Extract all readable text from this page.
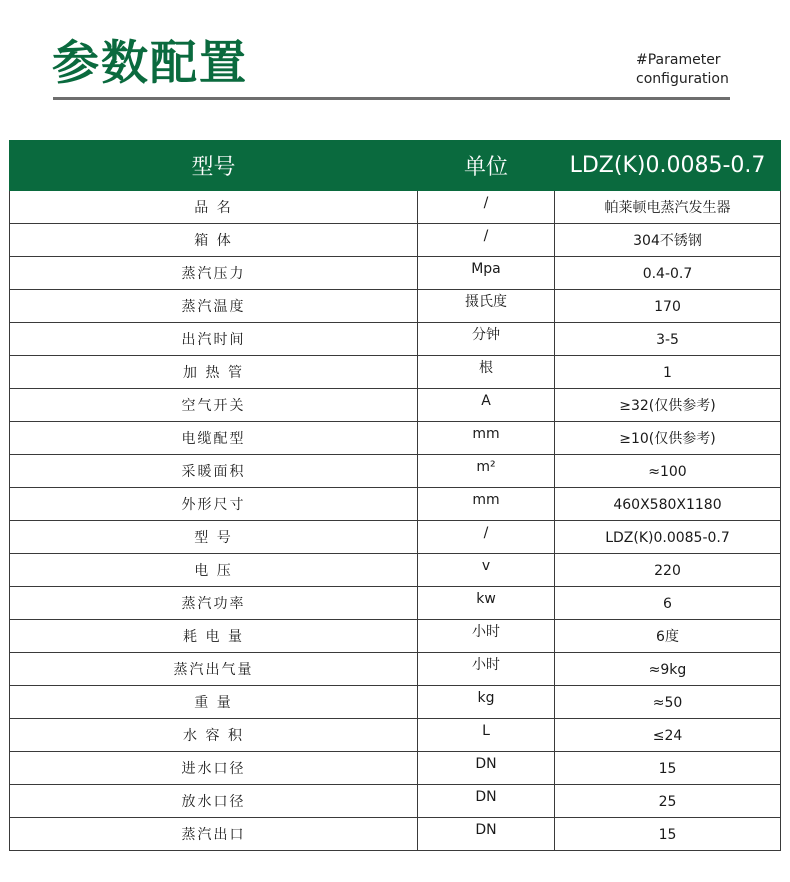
参数配置	#Parameter
configuration
型号	单位	LDZ(K)0.0085-0.7
品 名	/	帕莱顿电蒸汽发生器
箱 体	/	304不锈钢
蒸汽压力	Mpa	0.4-0.7
蒸汽温度	摄氏度	170
出汽时间	分钟	3-5
加 热 管	根	1
空气开关	A	≥32(仅供参考)
电缆配型	mm	≥10(仅供参考)
采暖面积	m²	≈100
外形尺寸	mm	460X580X1180
型 号	/	LDZ(K)0.0085-0.7
电 压	v	220
蒸汽功率	kw	6
耗 电 量	小时	6度
蒸汽出气量	小时	≈9kg
重 量	kg	≈50
水 容 积	L	≤24
进水口径	DN	15
放水口径	DN	25
蒸汽出口	DN	15
